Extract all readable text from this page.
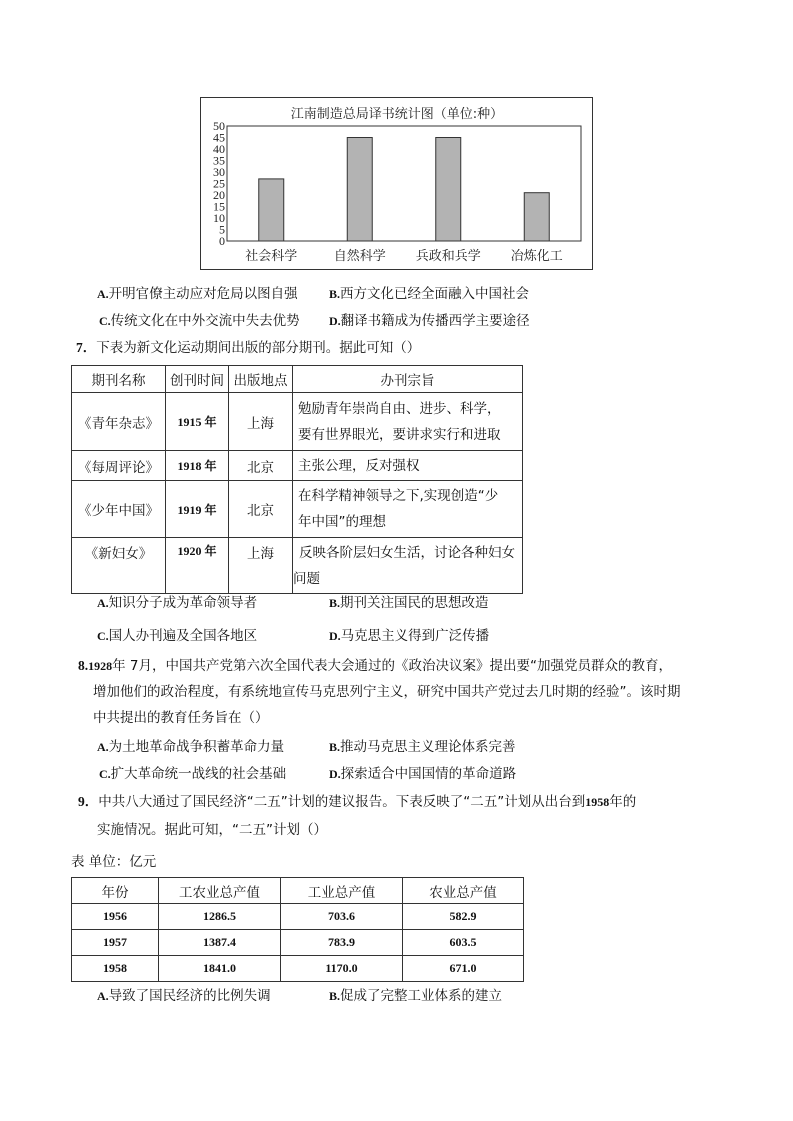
江南制造总局译书统计图（单位:种）
0
5
10
15
20
25
30
35
40
45
50
社会科学	自然科学 兵政和兵学 冶炼化工
A.开明官僚主动应对危局以图自强	B.西方文化已经全面融入中国社会
C.传统文化在中外交流中失去优势 D.翻译书籍成为传播西学主要途径
7．下表为新文化运动期间出版的部分期刊。据此可知（）
期刊名称	创刊时间	出版地点	办刊宗旨
《青年杂志》	1915 年	上海	勉励青年崇尚自由、进步、科学，
要有世界眼光，要讲求实行和进取

《每周评论》	1918 年	北京	主张公理，反对强权

《少年中国》	1919 年	北京	在科学精神领导之下,实现创造“少
年中国”的理想

《新妇女》	1920 年	上海	反映各阶层妇女生活，讨论各种妇女
问题
A.知识分子成为革命领导者	B.期刊关注国民的思想改造
C.国人办刊遍及全国各地区	D.马克思主义得到广泛传播
8.1928年 7月，中国共产党第六次全国代表大会通过的《政治决议案》提出要“加强党员群众的教育，
增加他们的政治程度，有系统地宣传马克思列宁主义，研究中国共产党过去几时期的经验”。该时期
中共提出的教育任务旨在（）
A.为土地革命战争积蓄革命力量	B.推动马克思主义理论体系完善
C.扩大革命统一战线的社会基础	D.探索适合中国国情的革命道路
9．中共八大通过了国民经济“二五”计划的建议报告。下表反映了“二五”计划从出台到1958年的
实施情况。据此可知，“二五”计划（）
表 单位：亿元
年份	工农业总产值	工业总产值	农业总产值
1956	1286.5	703.6	582.9
1957	1387.4	783.9	603.5
1958	1841.0	1170.0	671.0
A.导致了国民经济的比例失调	B.促成了完整工业体系的建立
